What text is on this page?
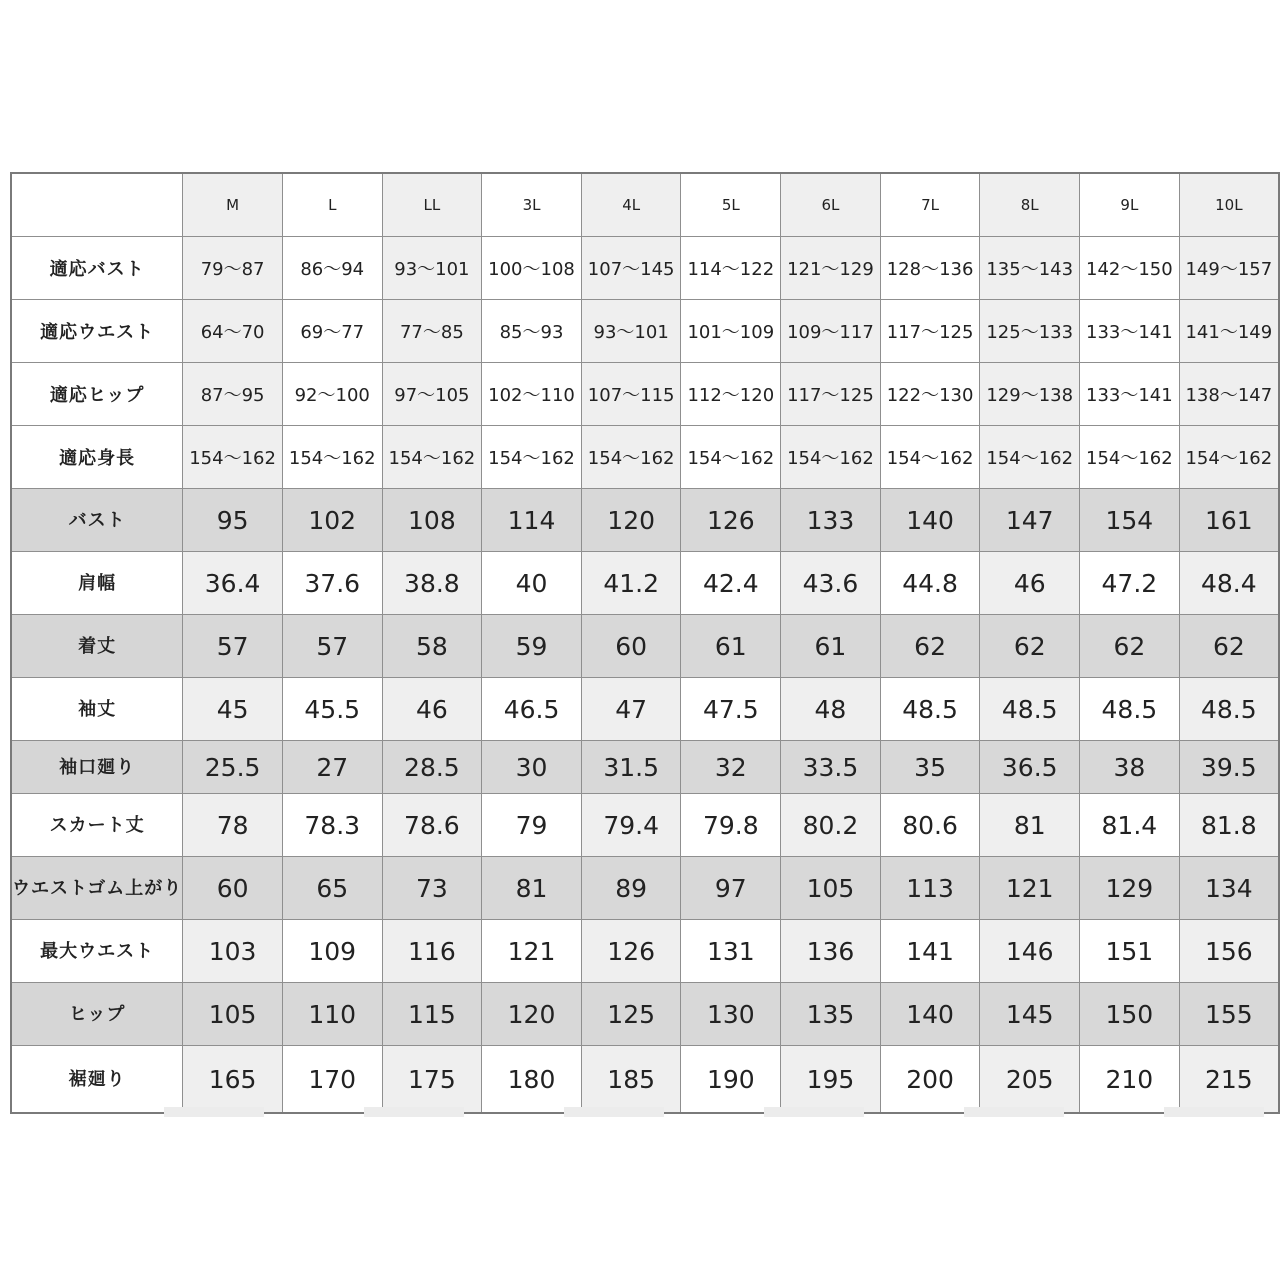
	M	L	LL	3L	4L	5L	6L	7L	8L	9L	10L
適応バスト	79～87	86～94	93～101	100～108	107～145	114～122	121～129	128～136	135～143	142～150	149～157
適応ウエスト	64～70	69～77	77～85	85～93	93～101	101～109	109～117	117～125	125～133	133～141	141～149
適応ヒップ	87～95	92～100	97～105	102～110	107～115	112～120	117～125	122～130	129～138	133～141	138～147
適応身長	154～162	154～162	154～162	154～162	154～162	154～162	154～162	154～162	154～162	154～162	154～162
バスト	95	102	108	114	120	126	133	140	147	154	161
肩幅	36.4	37.6	38.8	40	41.2	42.4	43.6	44.8	46	47.2	48.4
着丈	57	57	58	59	60	61	61	62	62	62	62
袖丈	45	45.5	46	46.5	47	47.5	48	48.5	48.5	48.5	48.5
袖口廻り	25.5	27	28.5	30	31.5	32	33.5	35	36.5	38	39.5
スカート丈	78	78.3	78.6	79	79.4	79.8	80.2	80.6	81	81.4	81.8
ウエストゴム上がり	60	65	73	81	89	97	105	113	121	129	134
最大ウエスト	103	109	116	121	126	131	136	141	146	151	156
ヒップ	105	110	115	120	125	130	135	140	145	150	155
裾廻り	165	170	175	180	185	190	195	200	205	210	215
